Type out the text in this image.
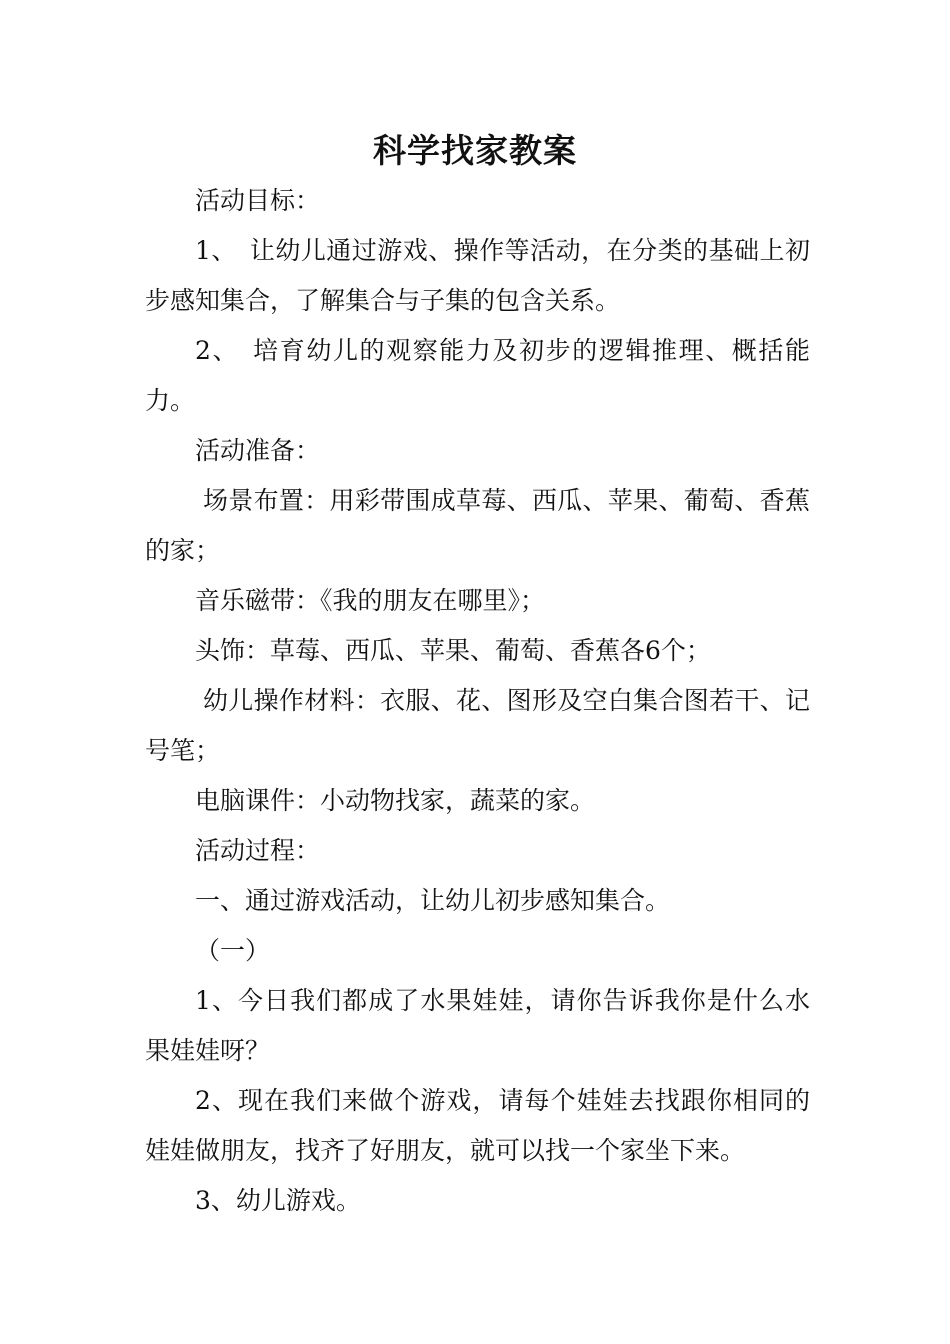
科学找家教案

活动目标：

1、　让幼儿通过游戏、操作等活动，在分类的基础上初步感知集合，了解集合与子集的包含关系。

2、　培育幼儿的观察能力及初步的逻辑推理、概括能力。

活动准备：

场景布置：用彩带围成草莓、西瓜、苹果、葡萄、香蕉的家；

音乐磁带：《我的朋友在哪里》；

头饰：草莓、西瓜、苹果、葡萄、香蕉各6个；

幼儿操作材料：衣服、花、图形及空白集合图若干、记号笔；

电脑课件：小动物找家，蔬菜的家。

活动过程：

一、通过游戏活动，让幼儿初步感知集合。

（一）

1、今日我们都成了水果娃娃，请你告诉我你是什么水果娃娃呀？

2、现在我们来做个游戏，请每个娃娃去找跟你相同的娃娃做朋友，找齐了好朋友，就可以找一个家坐下来。

3、幼儿游戏。
